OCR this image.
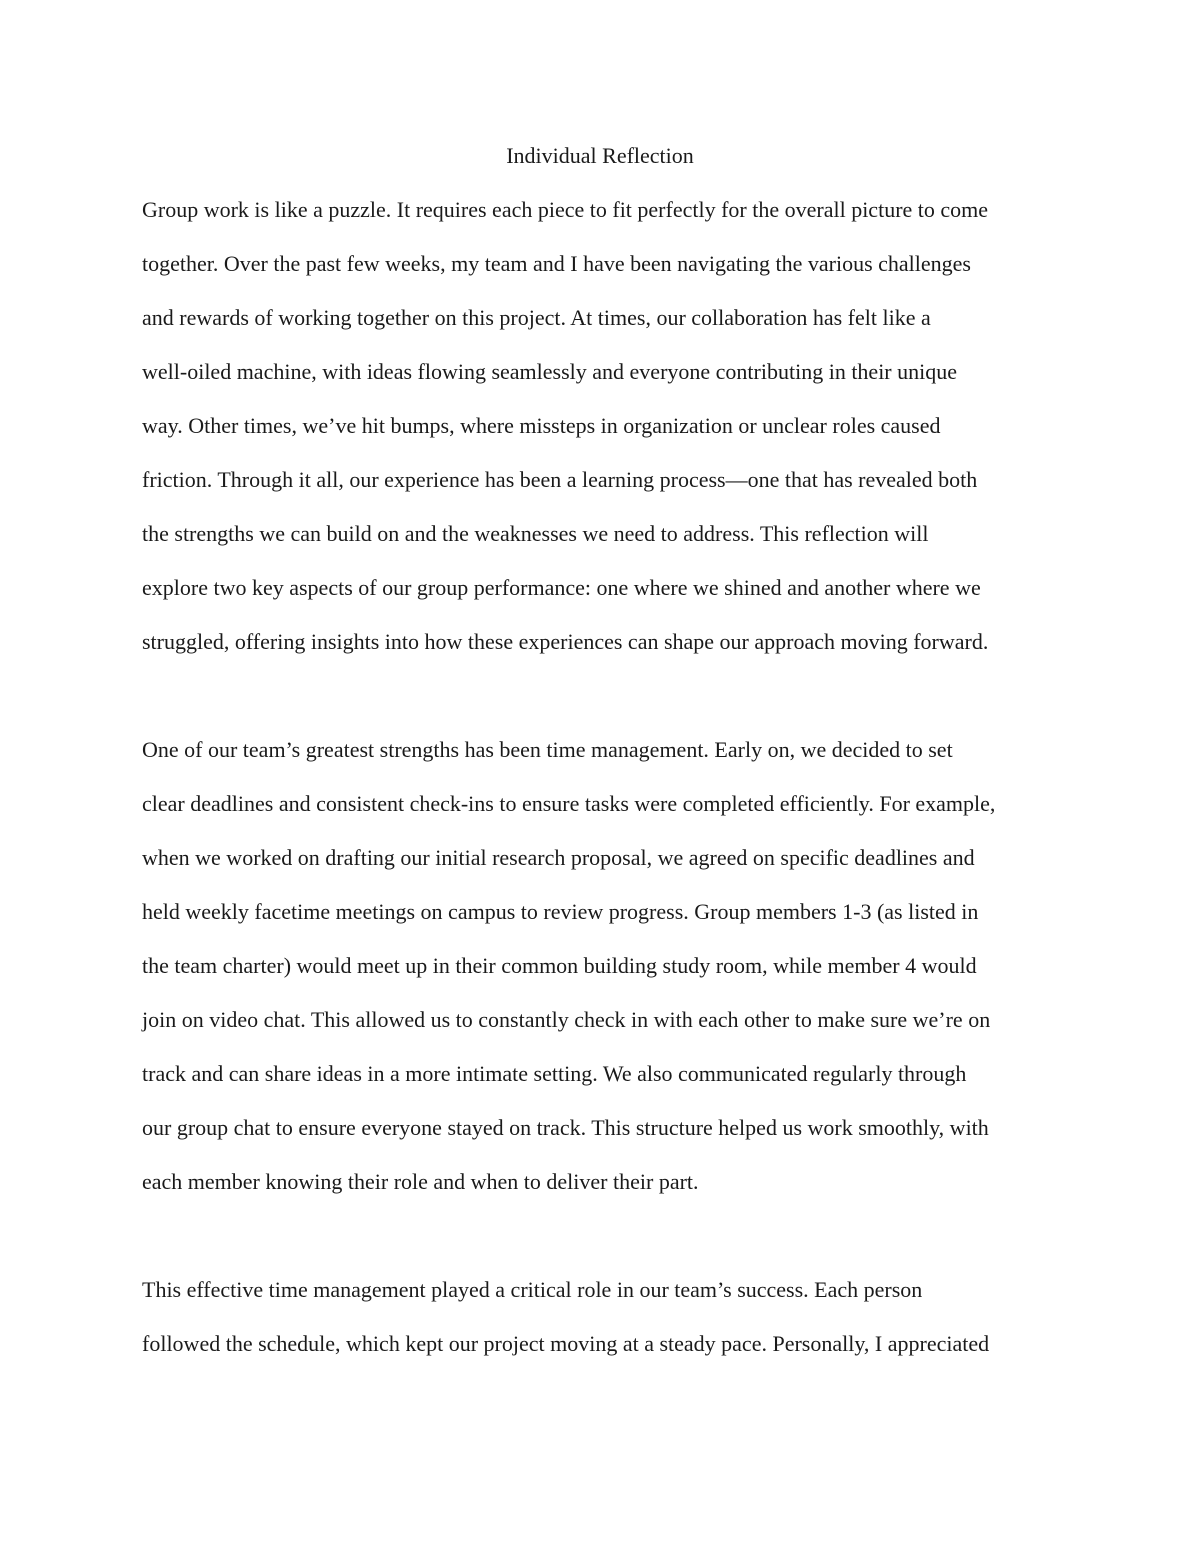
Individual Reflection

Group work is like a puzzle. It requires each piece to fit perfectly for the overall picture to come

together. Over the past few weeks, my team and I have been navigating the various challenges

and rewards of working together on this project. At times, our collaboration has felt like a

well-oiled machine, with ideas flowing seamlessly and everyone contributing in their unique

way. Other times, we’ve hit bumps, where missteps in organization or unclear roles caused

friction. Through it all, our experience has been a learning process—one that has revealed both

the strengths we can build on and the weaknesses we need to address. This reflection will

explore two key aspects of our group performance: one where we shined and another where we

struggled, offering insights into how these experiences can shape our approach moving forward.

One of our team’s greatest strengths has been time management. Early on, we decided to set

clear deadlines and consistent check-ins to ensure tasks were completed efficiently. For example,

when we worked on drafting our initial research proposal, we agreed on specific deadlines and

held weekly facetime meetings on campus to review progress. Group members 1-3 (as listed in

the team charter) would meet up in their common building study room, while member 4 would

join on video chat. This allowed us to constantly check in with each other to make sure we’re on

track and can share ideas in a more intimate setting. We also communicated regularly through

our group chat to ensure everyone stayed on track. This structure helped us work smoothly, with

each member knowing their role and when to deliver their part.

This effective time management played a critical role in our team’s success. Each person

followed the schedule, which kept our project moving at a steady pace. Personally, I appreciated
